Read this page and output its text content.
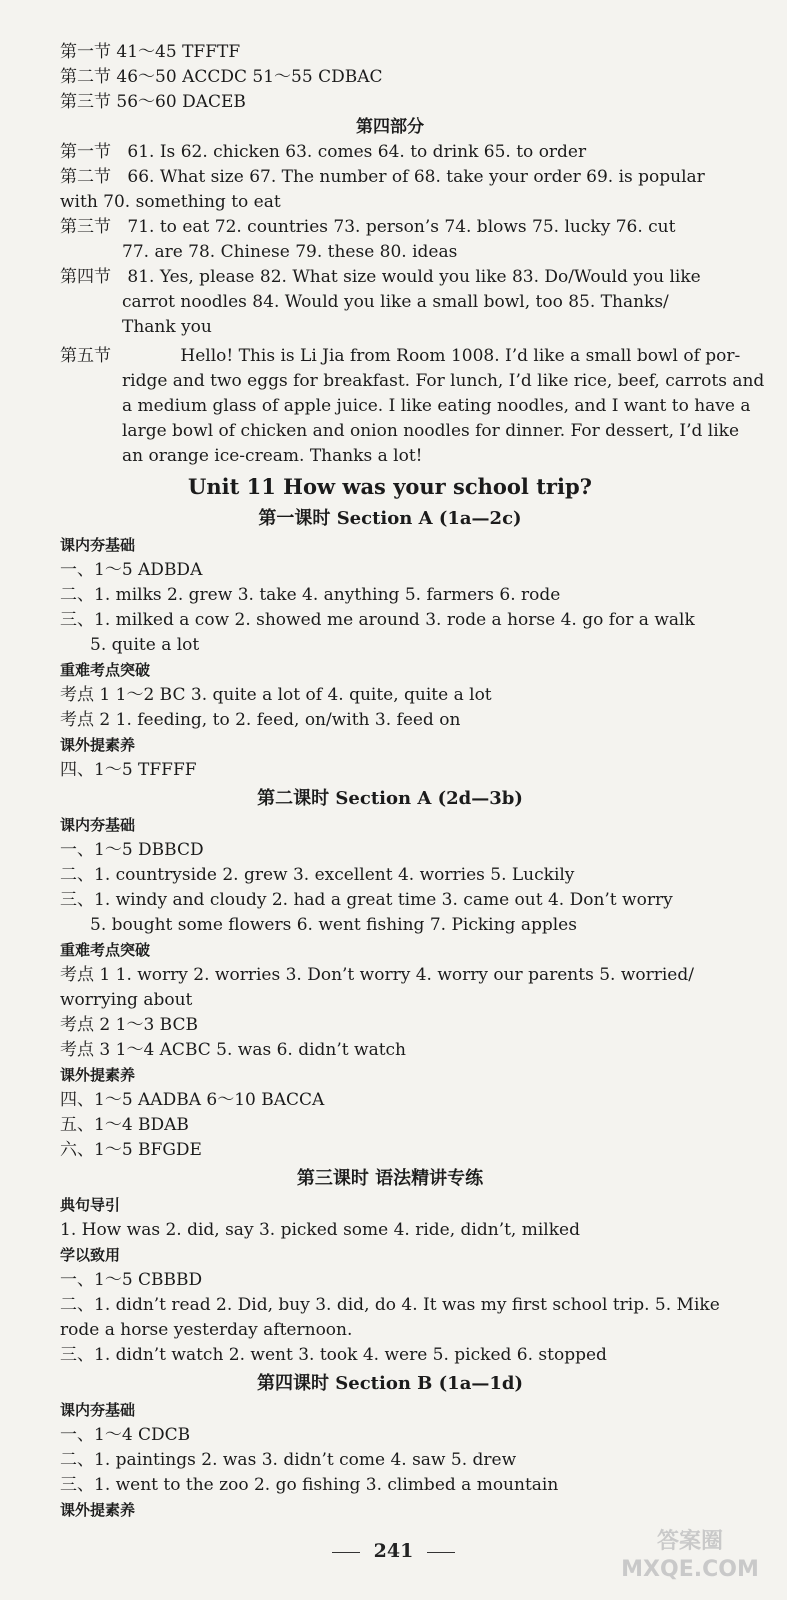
第一节 41～45 TFFTF
第二节 46～50 ACCDC 51～55 CDBAC
第三节 56～60 DACEB
第四部分
第一节 61. Is 62. chicken 63. comes 64. to drink 65. to order
第二节 66. What size 67. The number of 68. take your order 69. is popular
with 70. something to eat
第三节 71. to eat 72. countries 73. person’s 74. blows 75. lucky 76. cut
77. are 78. Chinese 79. these 80. ideas
第四节 81. Yes, please 82. What size would you like 83. Do/Would you like
carrot noodles 84. Would you like a small bowl, too 85. Thanks/
Thank you
第五节	Hello! This is Li Jia from Room 1008. I’d like a small bowl of por-
ridge and two eggs for breakfast. For lunch, I’d like rice, beef, carrots and
a medium glass of apple juice. I like eating noodles, and I want to have a
large bowl of chicken and onion noodles for dinner. For dessert, I’d like
an orange ice-cream. Thanks a lot!
Unit 11 How was your school trip?
第一课时 Section A (1a—2c)
课内夯基础
一、1～5 ADBDA
二、1. milks 2. grew 3. take 4. anything 5. farmers 6. rode
三、1. milked a cow 2. showed me around 3. rode a horse 4. go for a walk
5. quite a lot
重难考点突破
考点 1 1～2 BC 3. quite a lot of 4. quite, quite a lot
考点 2 1. feeding, to 2. feed, on/with 3. feed on
课外提素养
四、1～5 TFFFF
第二课时 Section A (2d—3b)
课内夯基础
一、1～5 DBBCD
二、1. countryside 2. grew 3. excellent 4. worries 5. Luckily
三、1. windy and cloudy 2. had a great time 3. came out 4. Don’t worry
5. bought some flowers 6. went fishing 7. Picking apples
重难考点突破
考点 1 1. worry 2. worries 3. Don’t worry 4. worry our parents 5. worried/
worrying about
考点 2 1～3 BCB
考点 3 1～4 ACBC 5. was 6. didn’t watch
课外提素养
四、1～5 AADBA 6～10 BACCA
五、1～4 BDAB
六、1～5 BFGDE
第三课时 语法精讲专练
典句导引
1. How was 2. did, say 3. picked some 4. ride, didn’t, milked
学以致用
一、1～5 CBBBD
二、1. didn’t read 2. Did, buy 3. did, do 4. It was my first school trip. 5. Mike
rode a horse yesterday afternoon.
三、1. didn’t watch 2. went 3. took 4. were 5. picked 6. stopped
第四课时 Section B (1a—1d)
课内夯基础
一、1～4 CDCB
二、1. paintings 2. was 3. didn’t come 4. saw 5. drew
三、1. went to the zoo 2. go fishing 3. climbed a mountain
课外提素养
241	答案圈
MXQE.COM
